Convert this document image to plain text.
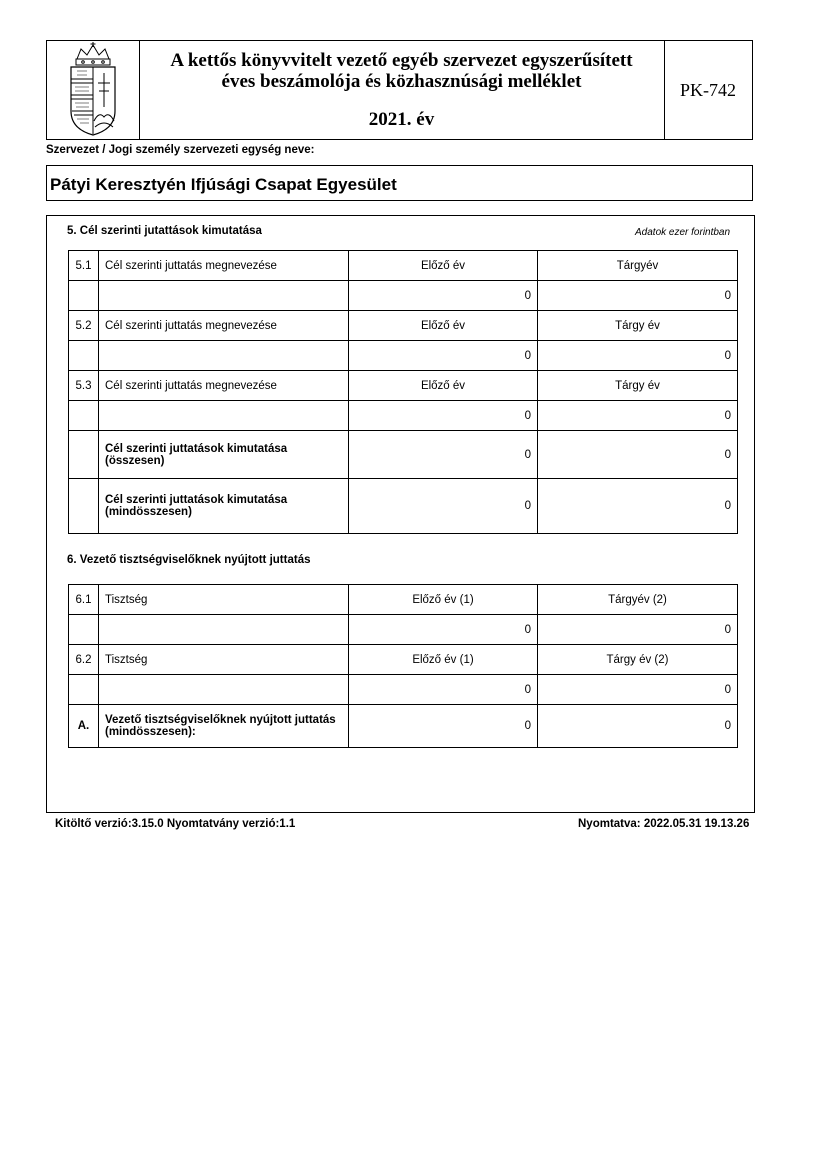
A kettős könyvvitelt vezető egyéb szervezet egyszerűsített
éves beszámolója és közhasznúsági melléklet
2021. év
PK-742
Szervezet / Jogi személy szervezeti egység neve:
Pátyi Keresztyén Ifjúsági Csapat Egyesület
5. Cél szerinti jutattások kimutatása	Adatok ezer forintban
5.1	Cél szerinti juttatás megnevezése	Előző év	Tárgyév
		0	0
5.2	Cél szerinti juttatás megnevezése	Előző év	Tárgy év
		0	0
5.3	Cél szerinti juttatás megnevezése	Előző év	Tárgy év
		0	0
	Cél szerinti juttatások kimutatása (összesen)	0	0
	Cél szerinti juttatások kimutatása (mindösszesen)	0	0
6. Vezető tisztségviselőknek nyújtott juttatás
6.1	Tisztség	Előző év (1)	Tárgyév (2)
		0	0
6.2	Tisztség	Előző év (1)	Tárgy év (2)
		0	0
A.	Vezető tisztségviselőknek nyújtott juttatás (mindösszesen):	0	0
Kitöltő verzió:3.15.0 Nyomtatvány verzió:1.1	Nyomtatva: 2022.05.31 19.13.26
